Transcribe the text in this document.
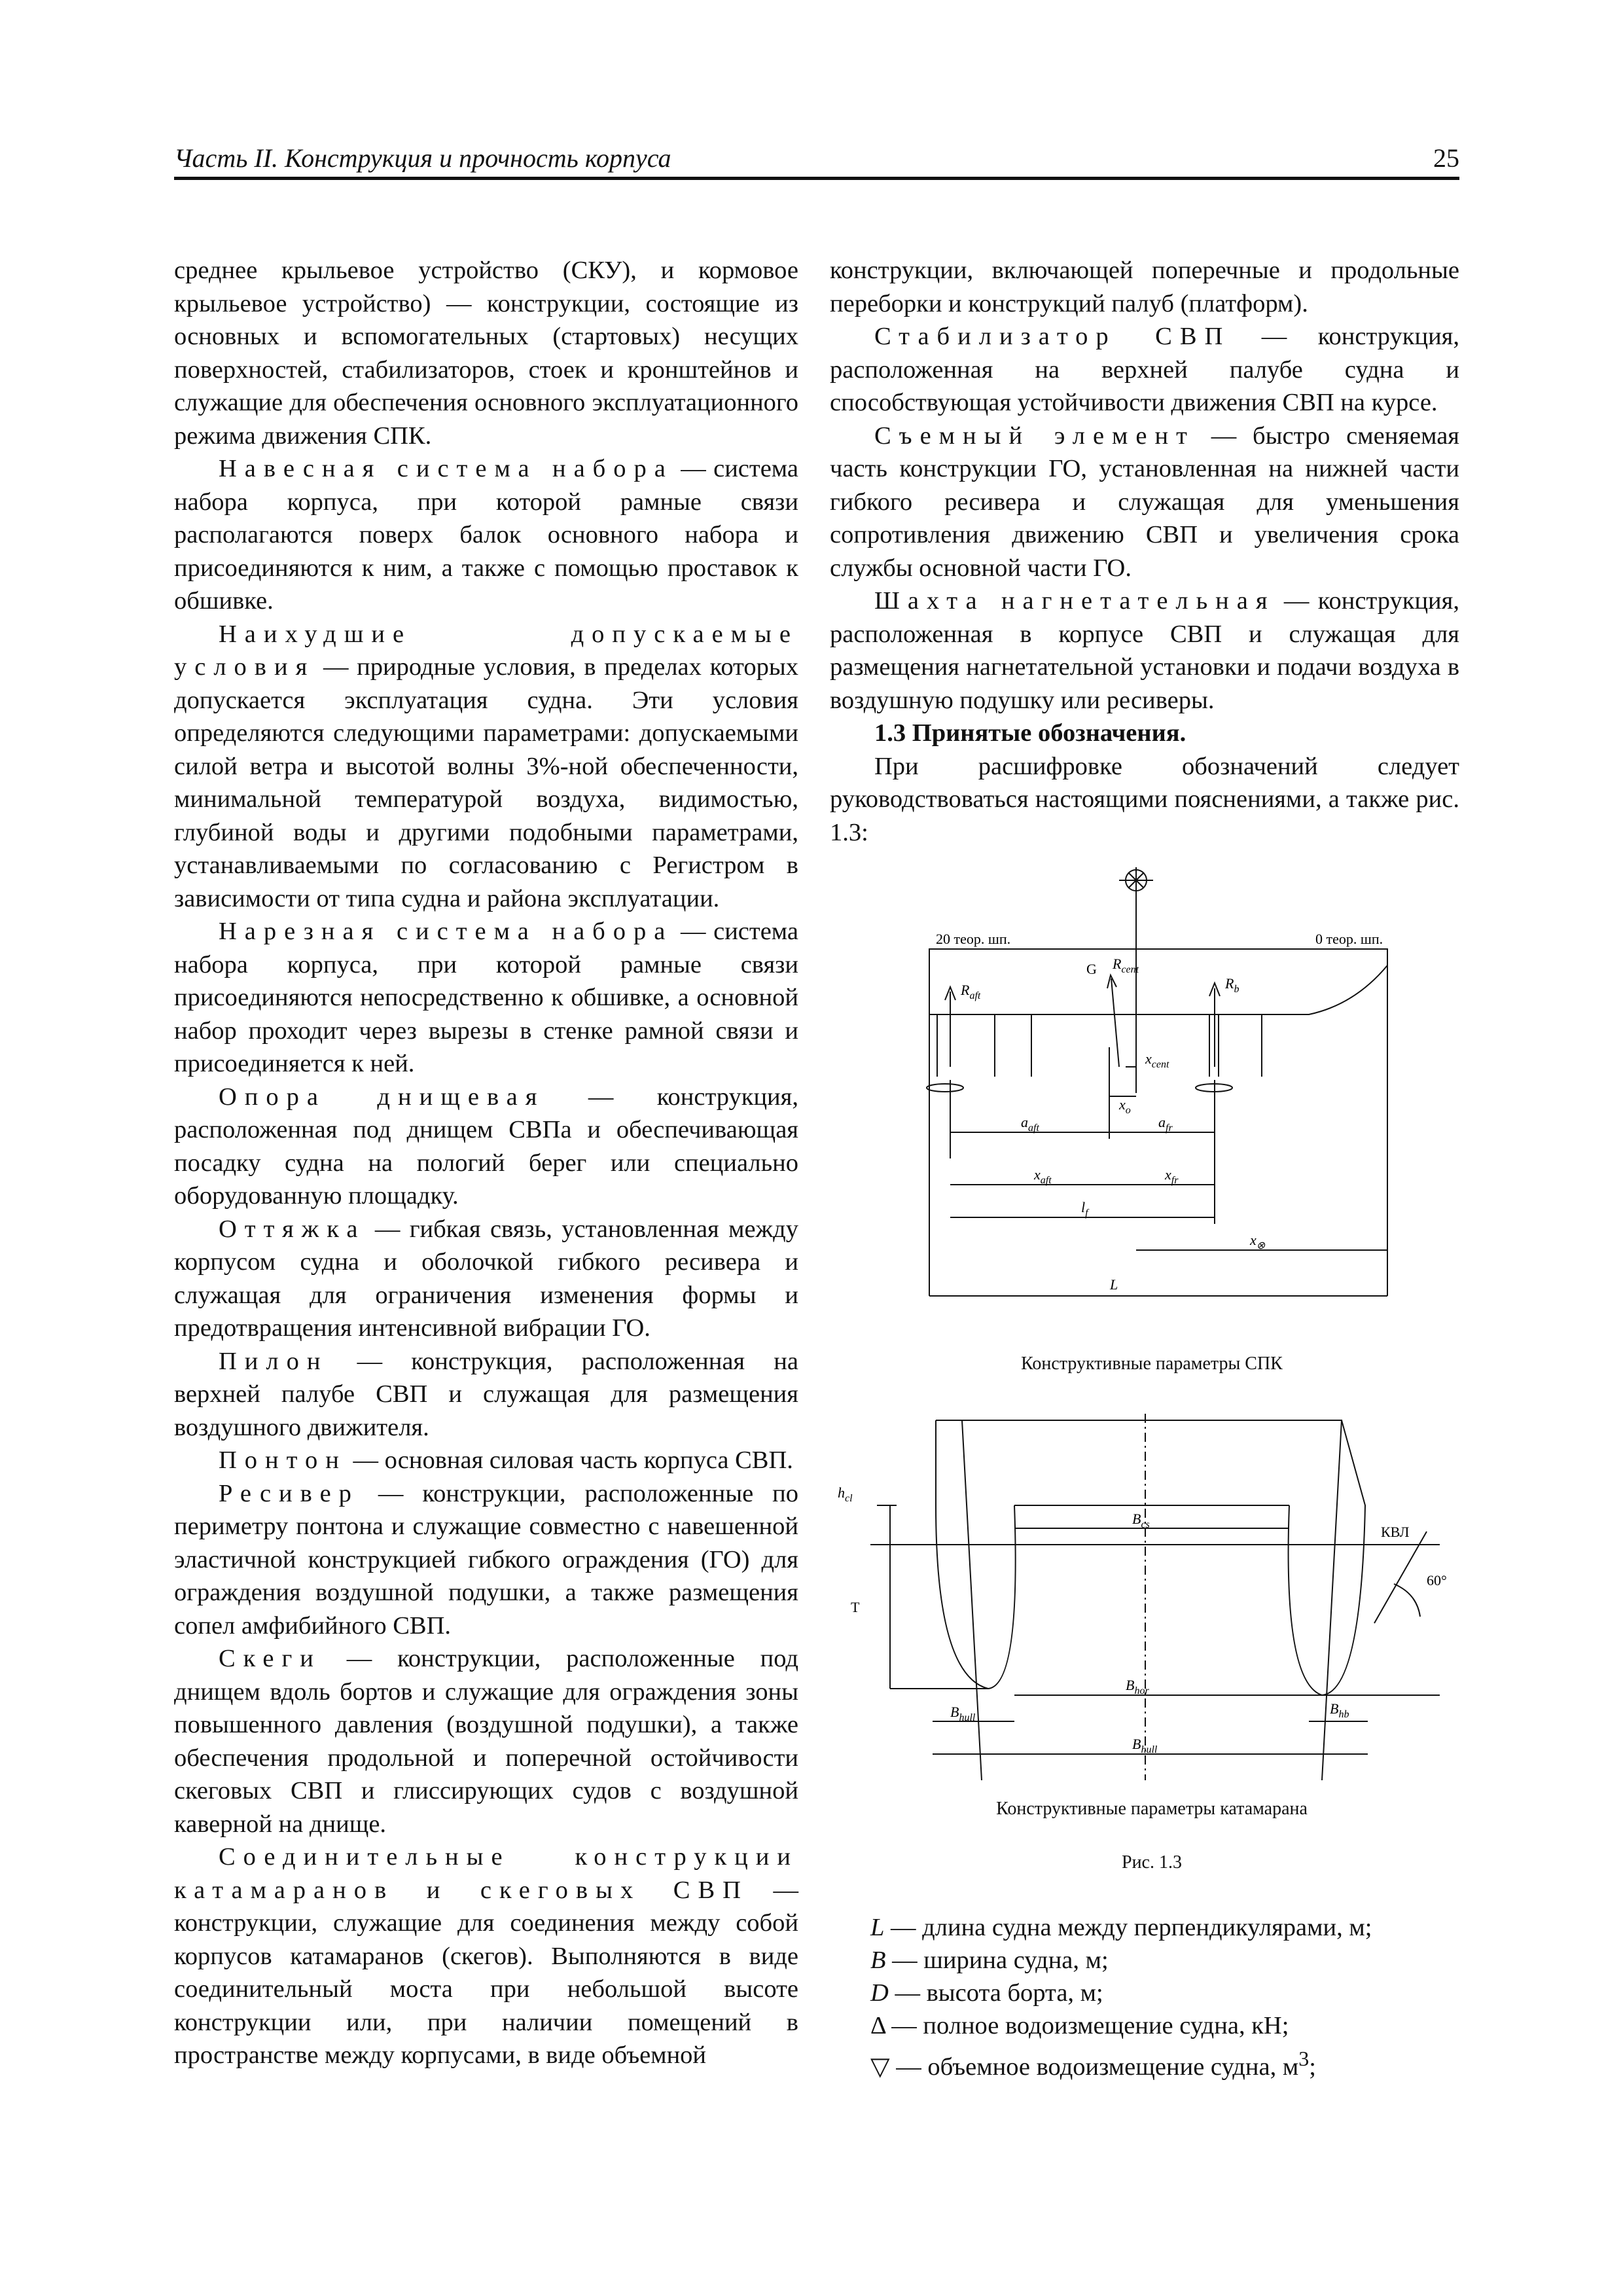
Часть II. Конструкция и прочность корпуса	25

среднее крыльевое устройство (СКУ), и кормовое крыльевое устройство) — конструкции, состоящие из основных и вспомогательных (стартовых) несущих поверхностей, стабилизаторов, стоек и кронштейнов и служащие для обеспечения основного эксплуатационного режима движения СПК.

Навесная система набора — система набора корпуса, при которой рамные связи располагаются поверх балок основного набора и присоединяются к ним, а также с помощью проставок к обшивке.

Наихудшие допускаемые условия — природные условия, в пределах которых допускается эксплуатация судна. Эти условия определяются следующими параметрами: допускаемыми силой ветра и высотой волны 3%-ной обеспеченности, минимальной температурой воздуха, видимостью, глубиной воды и другими подобными параметрами, устанавливаемыми по согласованию с Регистром в зависимости от типа судна и района эксплуатации.

Нарезная система набора — система набора корпуса, при которой рамные связи присоединяются непосредственно к обшивке, а основной набор проходит через вырезы в стенке рамной связи и присоединяется к ней.

Опора днищевая — конструкция, расположенная под днищем СВПа и обеспечивающая посадку судна на пологий берег или специально оборудованную площадку.

Оттяжка — гибкая связь, установленная между корпусом судна и оболочкой гибкого ресивера и служащая для ограничения изменения формы и предотвращения интенсивной вибрации ГО.

Пилон — конструкция, расположенная на верхней палубе СВП и служащая для размещения воздушного движителя.

Понтон — основная силовая часть корпуса СВП.

Ресивер — конструкции, расположенные по периметру понтона и служащие совместно с навешенной эластичной конструкцией гибкого ограждения (ГО) для ограждения воздушной подушки, а также размещения сопел амфибийного СВП.

Скеги — конструкции, расположенные под днищем вдоль бортов и служащие для ограждения зоны повышенного давления (воздушной подушки), а также обеспечения продольной и поперечной остойчивости скеговых СВП и глиссирующих судов с воздушной каверной на днище.

Соединительные конструкции катамаранов и скеговых СВП — конструкции, служащие для соединения между собой корпусов катамаранов (скегов). Выполняются в виде соединительный моста при небольшой высоте конструкции или, при наличии помещений в пространстве между корпусами, в виде объемной

конструкции, включающей поперечные и продольные переборки и конструкций палуб (платформ).

Стабилизатор СВП — конструкция, расположенная на верхней палубе судна и способствующая устойчивости движения СВП на курсе.

Съемный элемент — быстро сменяемая часть конструкции ГО, установленная на нижней части гибкого ресивера и служащая для уменьшения сопротивления движению СВП и увеличения срока службы основной части ГО.

Шахта нагнетательная — конструкция, расположенная в корпусе СВП и служащая для размещения нагнетательной установки и подачи воздуха в воздушную подушку или ресиверы.

1.3 Принятые обозначения.

При расшифровке обозначений следует руководствоваться настоящими пояснениями, а также рис. 1.3:

20 теор. шп.	0 теор. шп.
G $R_{cent}$
$R_{aft}$
$R_b$
$x_{cent}$
$x_o$
$a_{aft}$	$a_{fr}$
$x_{aft}$	$x_{fr}$
$l_f$
$x_\otimes$
L
Конструктивные параметры СПК
$h_{cl}$
$B_{cs}$	КВЛ
60°
T
$B_{hor}$
$B_{hull}$
$B_{hb}$
$B_{hull}$
Конструктивные параметры катамарана
Рис. 1.3
L — длина судна между перпендикулярами, м;
B — ширина судна, м;
D — высота борта, м;
Δ — полное водоизмещение судна, кН;
▽ — объемное водоизмещение судна, $м^3$;
